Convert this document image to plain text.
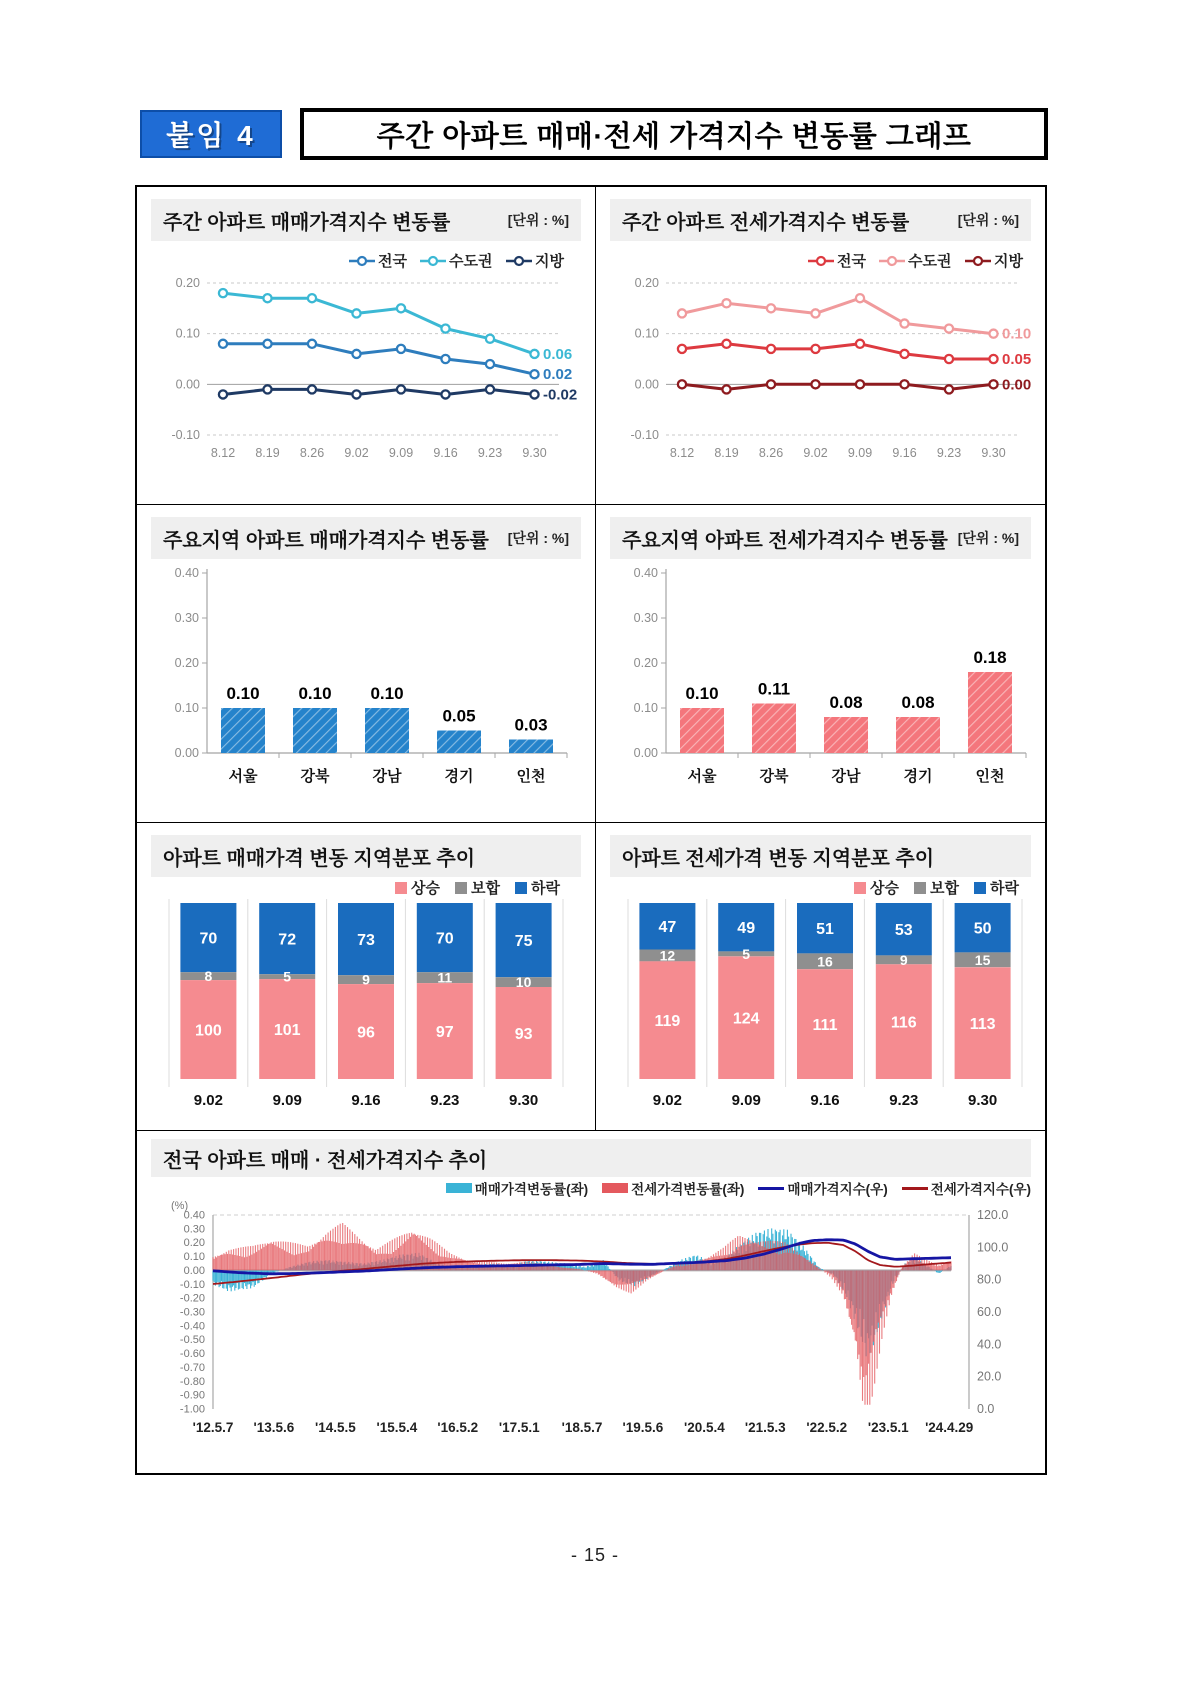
붙임 4	주간 아파트 매매·전세 가격지수 변동률 그래프
주간 아파트 매매가격지수 변동률	[단위 : %]
0.20
0.10
0.00
-0.10
8.12 8.19 8.26 9.02 9.09 9.16 9.23 9.30
전국	수도권	지방
0.02
0.06
-0.02
주간 아파트 전세가격지수 변동률	[단위 : %]
0.20
0.10
0.00
-0.10
8.12 8.19 8.26 9.02 9.09 9.16 9.23 9.30
전국	수도권	지방
0.05
0.10
0.00
주요지역 아파트 매매가격지수 변동률 [단위 : %]
0.40
0.30
0.20
0.10
0.00
0.10
서울
0.10
강북
0.10
강남
0.05
경기
0.03
인천
주요지역 아파트 전세가격지수 변동률 [단위 : %]
0.40
0.30
0.20
0.10
0.00
0.10
서울
0.11
강북
0.08
강남
0.08
경기
0.18
인천
아파트 매매가격 변동 지역분포 추이
상승 보합 하락
70
8
100
9.02
72
5
101
9.09
73
9
96
9.16
70
11
97
9.23
75
10
93
9.30
아파트 전세가격 변동 지역분포 추이
상승 보합 하락
47
12
119
9.02
49
5
124
9.09
51
16
111
9.16
53
9
116
9.23
50
15
113
9.30
전국 아파트 매매 · 전세가격지수 추이
매매가격변동률(좌)	전세가격변동률(좌)	매매가격지수(우)	전세가격지수(우)
(%)
0.40
0.30
0.20
0.10
0.00
-0.10
-0.20
-0.30
-0.40
-0.50
-0.60
-0.70
-0.80
-0.90
-1.00
120.0
100.0
80.0
60.0
40.0
20.0
0.0
'12.5.7 '13.5.6 '14.5.5 '15.5.4 '16.5.2 '17.5.1 '18.5.7 '19.5.6 '20.5.4 '21.5.3 '22.5.2 '23.5.1 '24.4.29
- 15 -
